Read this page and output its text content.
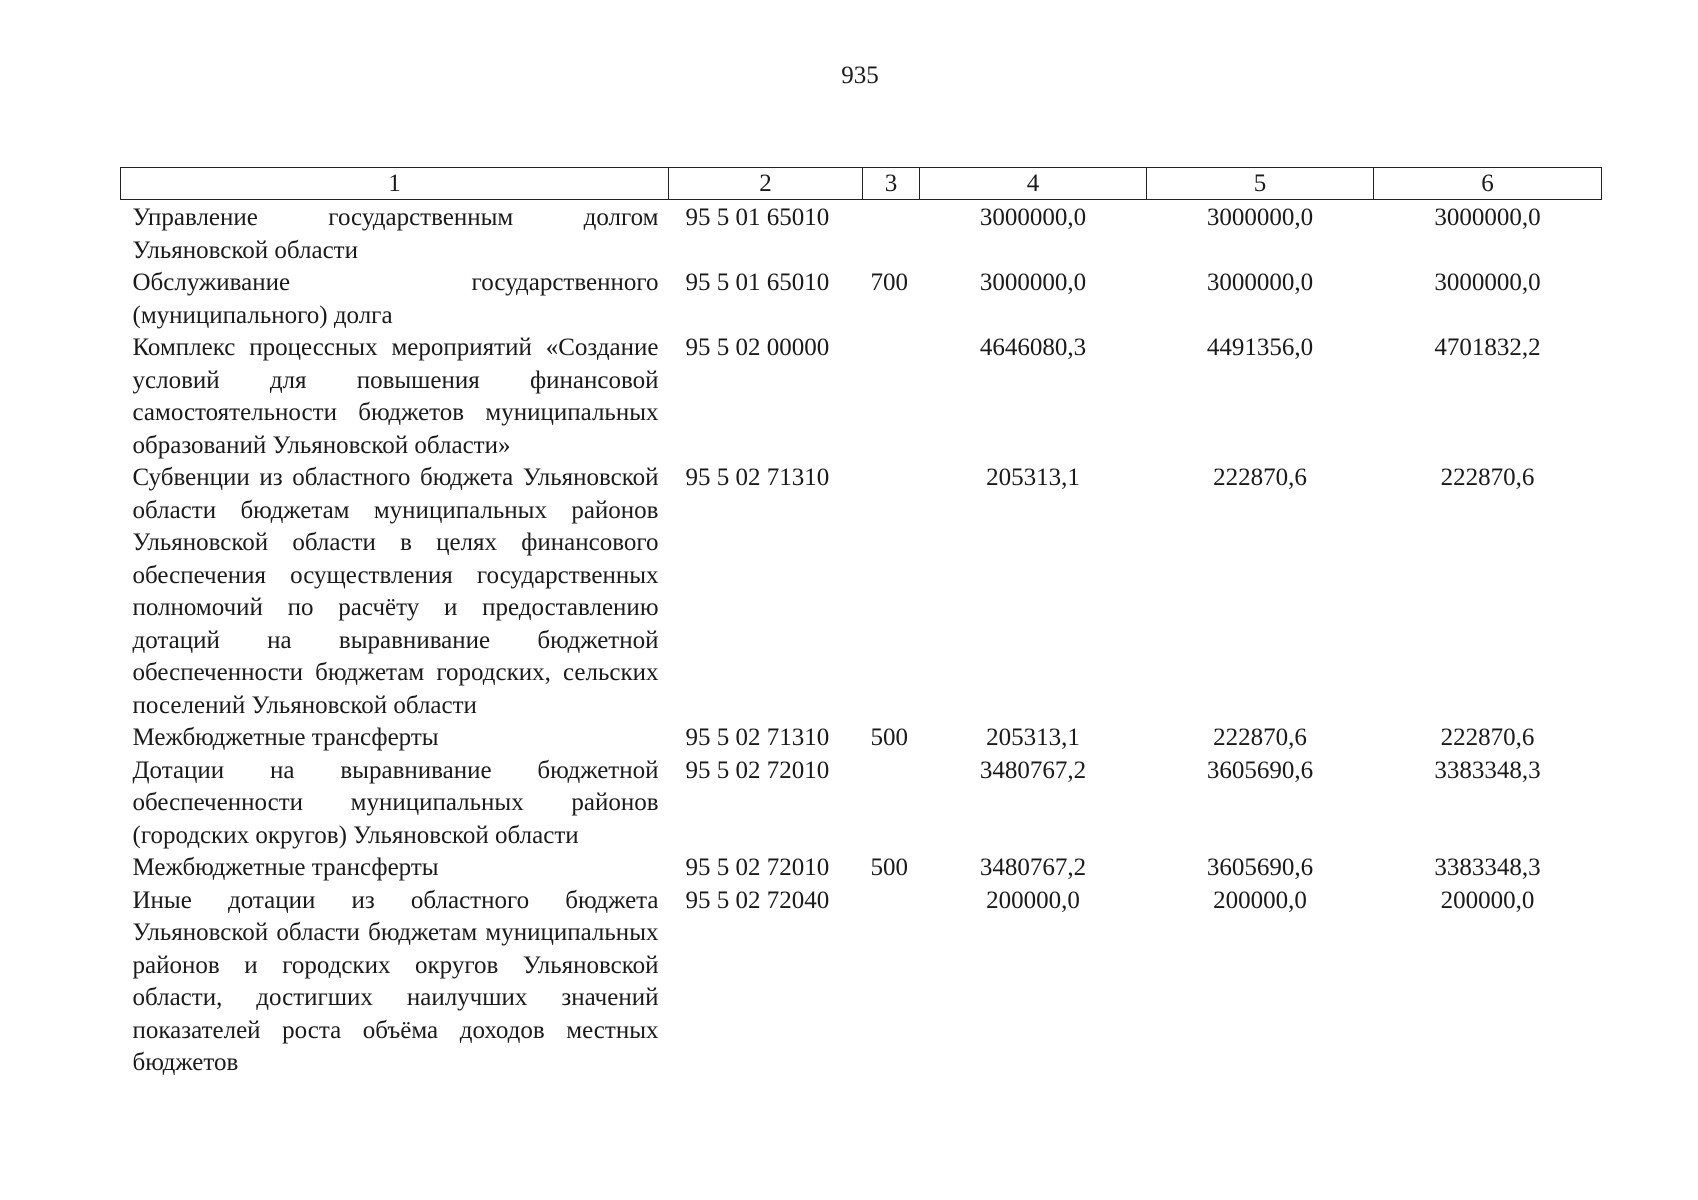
935
1	2	3	4	5	6
Управление государственным долгом Ульяновской области	95 5 01 65010		3000000,0	3000000,0	3000000,0
Обслуживание государственного (муниципального) долга	95 5 01 65010	700	3000000,0	3000000,0	3000000,0
Комплекс процессных мероприятий «Создание условий для повышения финансовой самостоятельности бюджетов муниципальных образований Ульяновской области»	95 5 02 00000		4646080,3	4491356,0	4701832,2
Субвенции из областного бюджета Ульяновской области бюджетам муниципальных районов Ульяновской области в целях финансового обеспечения осуществления государственных полномочий по расчёту и предоставлению дотаций на выравнивание бюджетной обеспеченности бюджетам городских, сельских поселений Ульяновской области	95 5 02 71310		205313,1	222870,6	222870,6
Межбюджетные трансферты	95 5 02 71310	500	205313,1	222870,6	222870,6
Дотации на выравнивание бюджетной обеспеченности муниципальных районов (городских округов) Ульяновской области	95 5 02 72010		3480767,2	3605690,6	3383348,3
Межбюджетные трансферты	95 5 02 72010	500	3480767,2	3605690,6	3383348,3
Иные дотации из областного бюджета Ульяновской области бюджетам муниципальных районов и городских округов Ульяновской области, достигших наилучших значений показателей роста объёма доходов местных бюджетов	95 5 02 72040		200000,0	200000,0	200000,0
